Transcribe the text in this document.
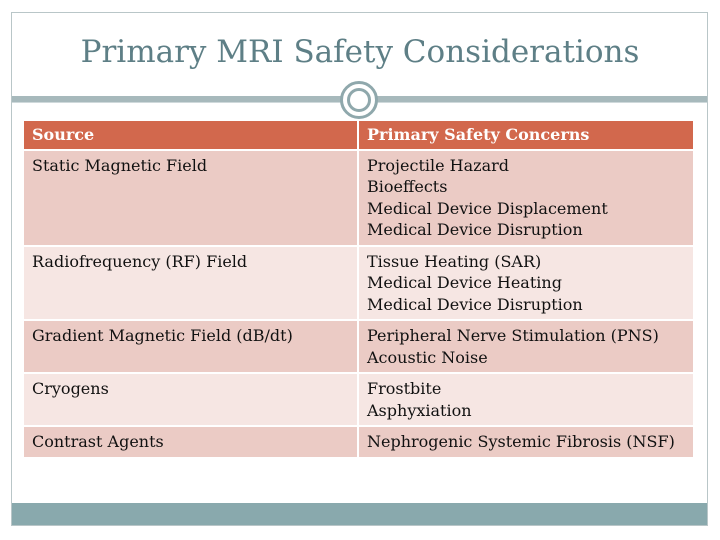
Primary MRI Safety Considerations
Source	Primary Safety Concerns
Static Magnetic Field	Projectile Hazard
Bioeffects
Medical Device Displacement
Medical Device Disruption

Radiofrequency (RF) Field	Tissue Heating (SAR)
Medical Device Heating
Medical Device Disruption

Gradient Magnetic Field (dB/dt)	Peripheral Nerve Stimulation (PNS)
Acoustic Noise

Cryogens	Frostbite
Asphyxiation

Contrast Agents	Nephrogenic Systemic Fibrosis (NSF)
